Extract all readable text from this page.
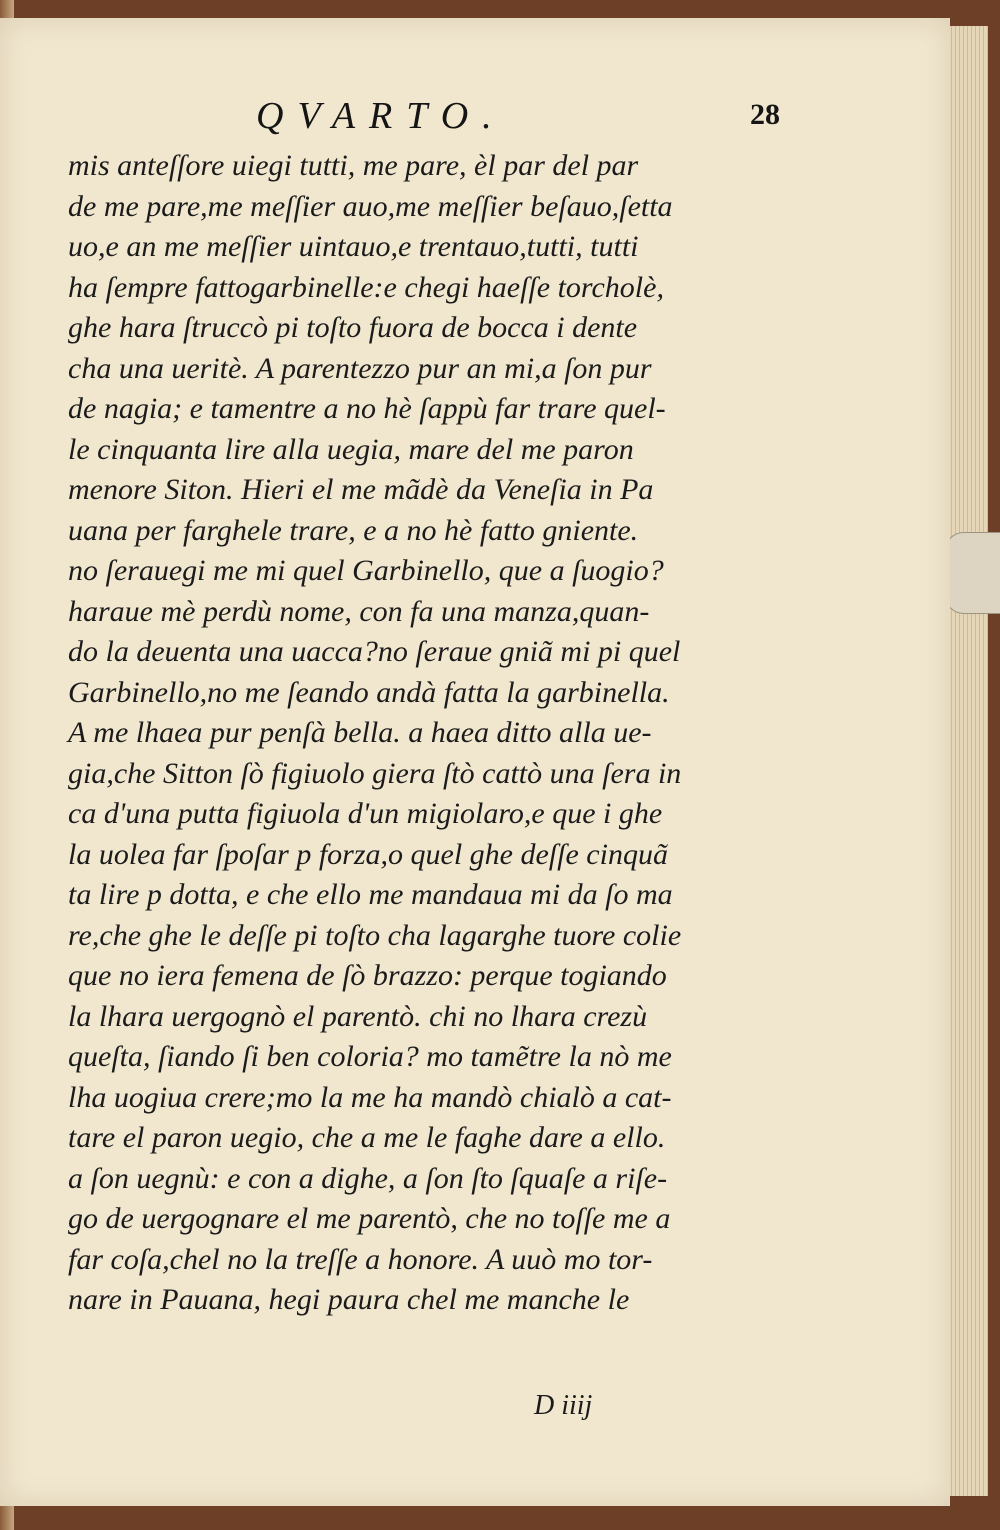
QVARTO.	28
mis anteſſore uiegi tutti, me pare, èl par del par
de me pare,me meſſier auo,me meſſier beſauo,ſetta
uo,e an me meſſier uintauo,e trentauo,tutti, tutti
ha ſempre fattogarbinelle:e chegi haeſſe torcholè,
ghe hara ſtruccò pi toſto fuora de bocca i dente
cha una ueritè. A parentezzo pur an mi,a ſon pur
de nagia; e tamentre a no hè ſappù far trare quel-
le cinquanta lire alla uegia, mare del me paron
menore Siton. Hieri el me mãdè da Veneſia in Pa
uana per farghele trare, e a no hè fatto gniente.
no ſerauegi me mi quel Garbinello, que a ſuogio?
haraue mè perdù nome, con fa una manza,quan-
do la deuenta una uacca?no ſeraue gniã mi pi quel
Garbinello,no me ſeando andà fatta la garbinella.
A me lhaea pur penſà bella. a haea ditto alla ue-
gia,che Sitton ſò figiuolo giera ſtò cattò una ſera in
ca d'una putta figiuola d'un migiolaro,e que i ghe
la uolea far ſpoſar p forza,o quel ghe deſſe cinquã
ta lire p dotta, e che ello me mandaua mi da ſo ma
re,che ghe le deſſe pi toſto cha lagarghe tuore colie
que no iera femena de ſò brazzo: perque togiando
la lhara uergognò el parentò. chi no lhara crezù
queſta, ſiando ſi ben coloria? mo tamẽtre la nò me
lha uogiua crere;mo la me ha mandò chialò a cat-
tare el paron uegio, che a me le faghe dare a ello.
a ſon uegnù: e con a dighe, a ſon ſto ſquaſe a riſe-
go de uergognare el me parentò, che no toſſe me a
far coſa,chel no la treſſe a honore. A uuò mo tor-
nare in Pauana, hegi paura chel me manche le
D iiij
